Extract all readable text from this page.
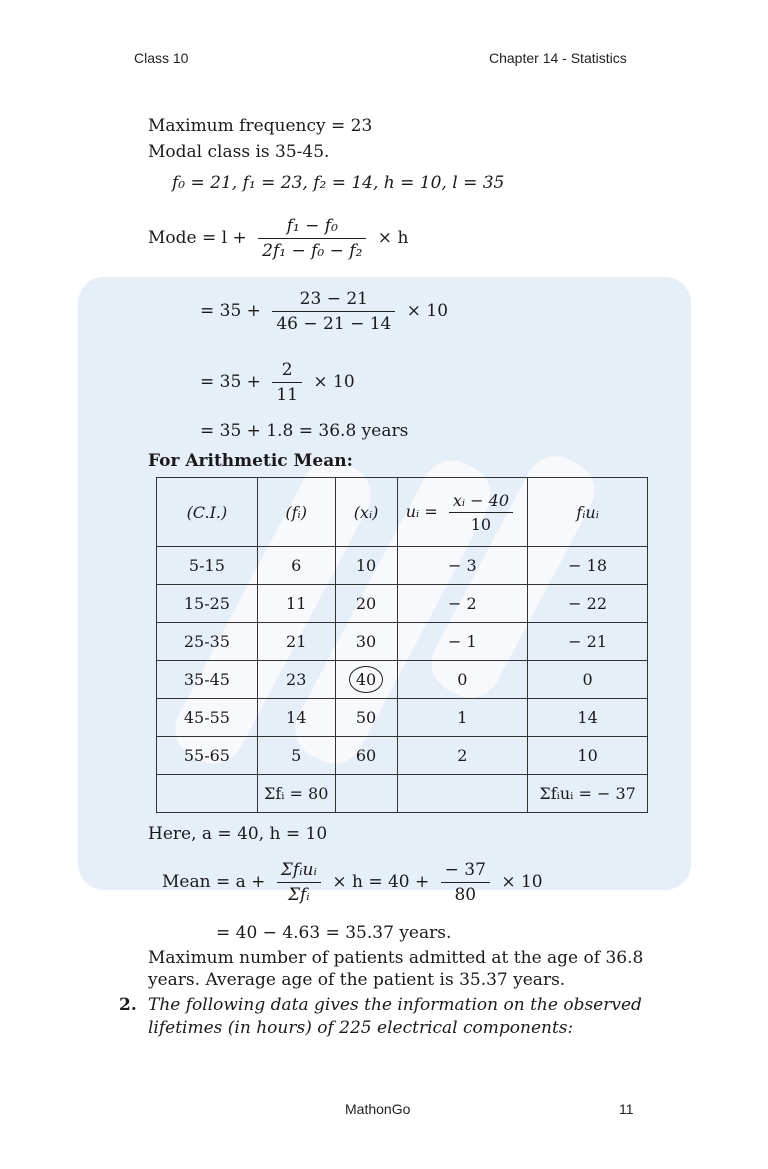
Class 10	Chapter 14 - Statistics
Maximum frequency = 23
Modal class is 35-45.
f₀ = 21, f₁ = 23, f₂ = 14, h = 10, l = 35
Mode = $l + \frac{\text{f₁ − f₀}}{\text{2f₁ − f₀ − f₂}} \times h$
= $35 + \frac{23 - 21}{46 - 21 - 14} \times 10$
= $35 + \frac{2}{11} \times 10$
= 35 + 1.8 = 36.8 years
For Arithmetic Mean:
(C.I.)	(fᵢ)	(xᵢ)	uᵢ = $\frac{\text{xᵢ − 40}}{10}$	fᵢuᵢ
5-15	6	10	− 3	− 18
15-25	11	20	− 2	− 22
25-35	21	30	− 1	− 21
35-45	23	40	0	0
45-55	14	50	1	14
55-65	5	60	2	10
	Σfᵢ = 80			Σfᵢuᵢ = − 37
Here, a = 40, h = 10
Mean = $a + \frac{\text{Σfᵢuᵢ}}{\text{Σfᵢ}} \times h = 40 + \frac{- 37}{80} \times 10$
= 40 − 4.63 = 35.37 years.
Maximum number of patients admitted at the age of 36.8
years. Average age of the patient is 35.37 years.
2. The following data gives the information on the observed
lifetimes (in hours) of 225 electrical components:
MathonGo	11
